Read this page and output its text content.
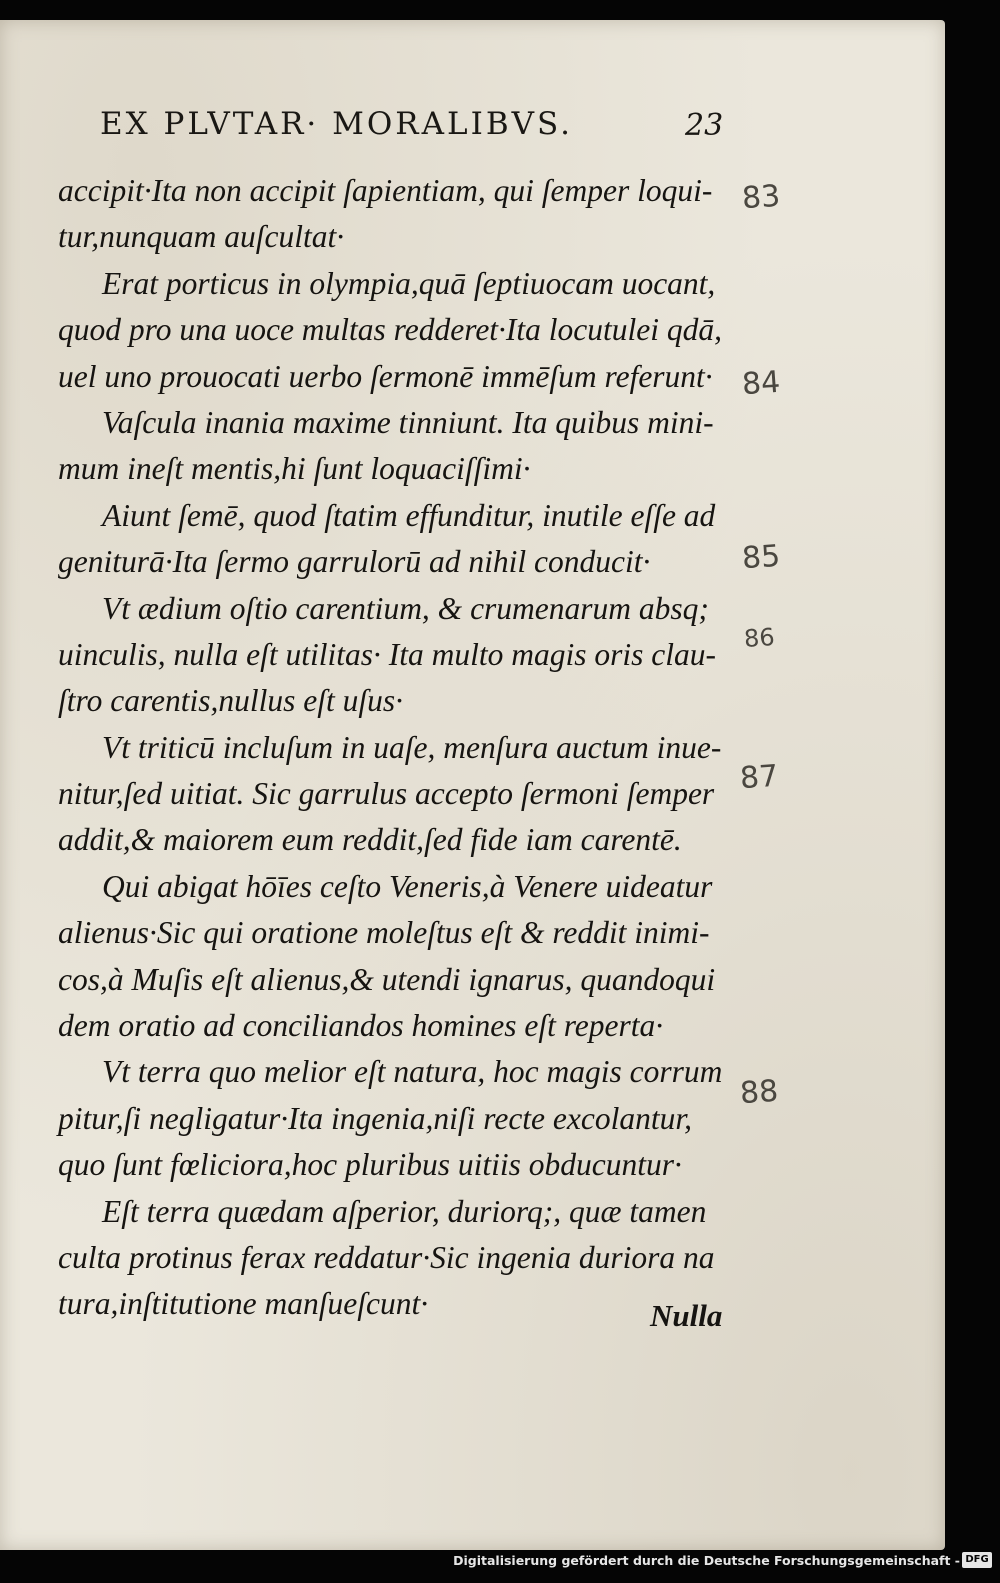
EX PLVTAR· MORALIBVS.	23
accipit·Ita non accipit ſapientiam, qui ſemper loqui-
tur,nunquam auſcultat·
Erat porticus in olympia,quā ſeptiuocam uocant,
quod pro una uoce multas redderet·Ita locutulei qdā,
uel uno prouocati uerbo ſermonē immēſum referunt·
Vaſcula inania maxime tinniunt. Ita quibus mini-
mum ineſt mentis,hi ſunt loquaciſſimi·
Aiunt ſemē, quod ſtatim effunditur, inutile eſſe ad
geniturā·Ita ſermo garrulorū ad nihil conducit·
Vt ædium oſtio carentium, & crumenarum absq;
uinculis, nulla eſt utilitas· Ita multo magis oris clau-
ſtro carentis,nullus eſt uſus·
Vt triticū incluſum in uaſe, menſura auctum inue-
nitur,ſed uitiat. Sic garrulus accepto ſermoni ſemper
addit,& maiorem eum reddit,ſed fide iam carentē.
Qui abigat hōīes ceſto Veneris,à Venere uideatur
alienus·Sic qui oratione moleſtus eſt & reddit inimi-
cos,à Muſis eſt alienus,& utendi ignarus, quandoqui
dem oratio ad conciliandos homines eſt reperta·
Vt terra quo melior eſt natura, hoc magis corrum
pitur,ſi negligatur·Ita ingenia,niſi recte excolantur,
quo ſunt fœliciora,hoc pluribus uitiis obducuntur·
Eſt terra quædam aſperior, duriorq;, quæ tamen
culta protinus ferax reddatur·Sic ingenia duriora na
tura,inſtitutione manſueſcunt·	Nulla
83
84
85
86
87
88
Digitalisierung gefördert durch die Deutsche Forschungsgemeinschaft - DFG
